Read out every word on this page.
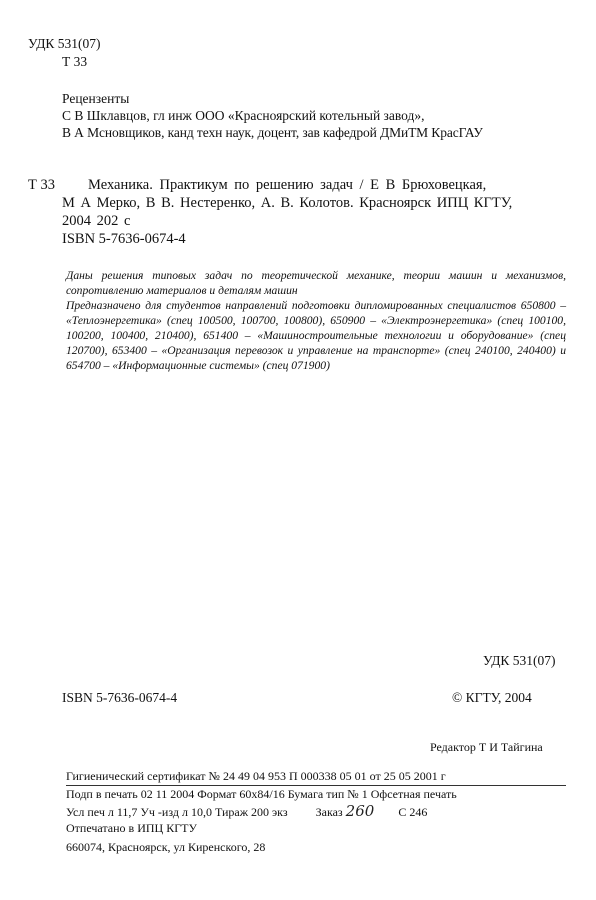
УДК 531(07)
Т 33
Рецензенты
С В Шклавцов, гл инж ООО «Красноярский котельный завод»,
В А Мсновщиков, канд техн наук, доцент, зав кафедрой ДМиТМ КрасГАУ
Т 33 Механика. Практикум по решению задач / Е В Брюховецкая,
М А Мерко, В В. Нестеренко, А. В. Колотов. Красноярск ИПЦ КГТУ,
2004 202 с
ISBN 5-7636-0674-4

Даны решения типовых задач по теоретической механике, теории машин и механизмов, сопротивлению материалов и деталям машин

Предназначено для студентов направлений подготовки дипломированных специалистов 650800 – «Теплоэнергетика» (спец 100500, 100700, 100800), 650900 – «Электроэнергетика» (спец 100100, 100200, 100400, 210400), 651400 – «Машиностроительные технологии и оборудование» (спец 120700), 653400 – «Организация перевозок и управление на транспорте» (спец 240100, 240400) и 654700 – «Информационные системы» (спец 071900)

УДК 531(07)
ISBN 5-7636-0674-4	© КГТУ, 2004
Редактор Т И Тайгина
Гигиенический сертификат № 24 49 04 953 П 000338 05 01 от 25 05 2001 г
Подп в печать 02 11 2004 Формат 60х84/16 Бумага тип № 1 Офсетная печать
Усл печ л 11,7 Уч -изд л 10,0 Тираж 200 экз Заказ 260 С 246
Отпечатано в ИПЦ КГТУ
660074, Красноярск, ул Киренского, 28
